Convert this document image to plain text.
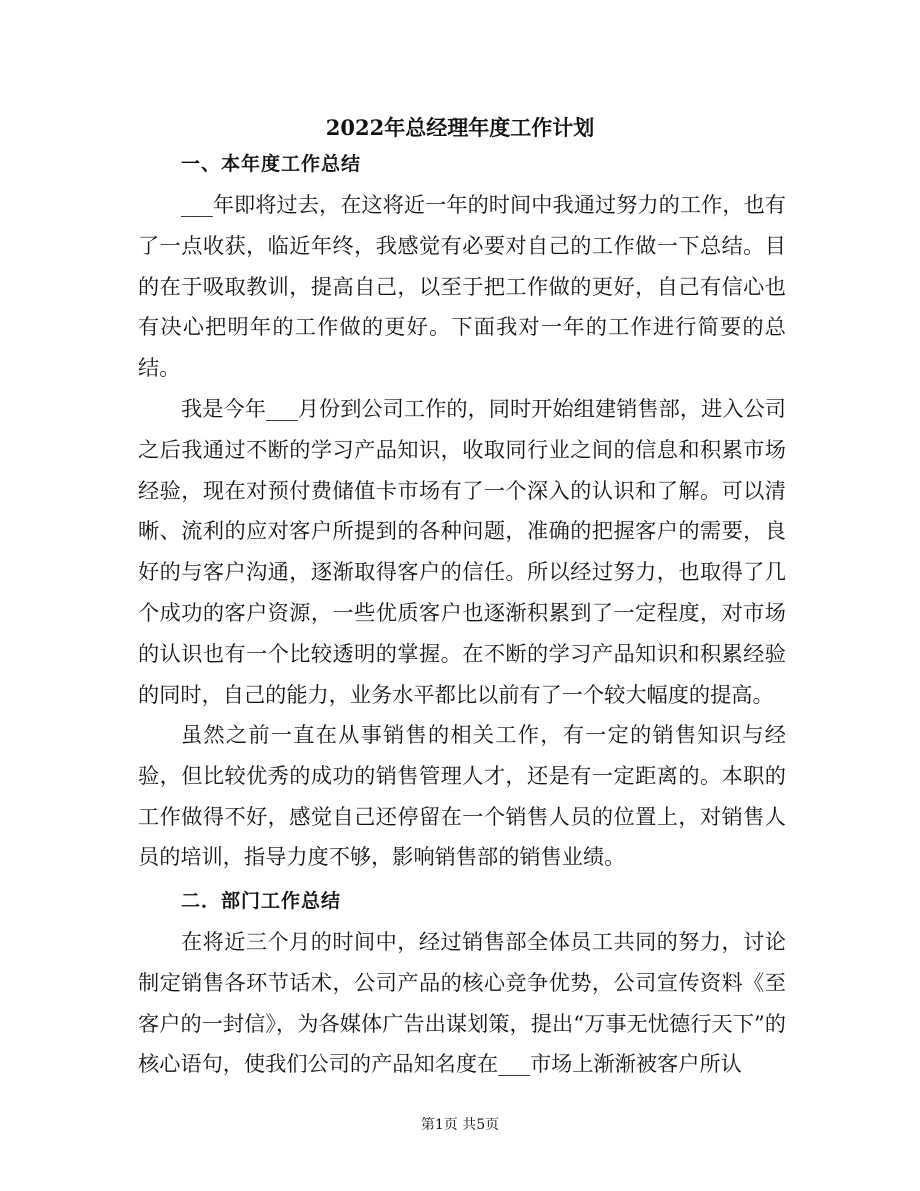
2022年总经理年度工作计划
一、本年度工作总结

___年即将过去，在这将近一年的时间中我通过努力的工作，也有了一点收获，临近年终，我感觉有必要对自己的工作做一下总结。目的在于吸取教训，提高自己，以至于把工作做的更好，自己有信心也有决心把明年的工作做的更好。下面我对一年的工作进行简要的总结。

我是今年___月份到公司工作的，同时开始组建销售部，进入公司之后我通过不断的学习产品知识，收取同行业之间的信息和积累市场经验，现在对预付费储值卡市场有了一个深入的认识和了解。可以清晰、流利的应对客户所提到的各种问题，准确的把握客户的需要，良好的与客户沟通，逐渐取得客户的信任。所以经过努力，也取得了几个成功的客户资源，一些优质客户也逐渐积累到了一定程度，对市场的认识也有一个比较透明的掌握。在不断的学习产品知识和积累经验的同时，自己的能力，业务水平都比以前有了一个较大幅度的提高。

虽然之前一直在从事销售的相关工作，有一定的销售知识与经验，但比较优秀的成功的销售管理人才，还是有一定距离的。本职的工作做得不好，感觉自己还停留在一个销售人员的位置上，对销售人员的培训，指导力度不够，影响销售部的销售业绩。

二．部门工作总结

在将近三个月的时间中，经过销售部全体员工共同的努力，讨论制定销售各环节话术，公司产品的核心竞争优势，公司宣传资料《至客户的一封信》，为各媒体广告出谋划策，提出“万事无忧德行天下”的核心语句，使我们公司的产品知名度在___市场上渐渐被客户所认

第1页 共5页
